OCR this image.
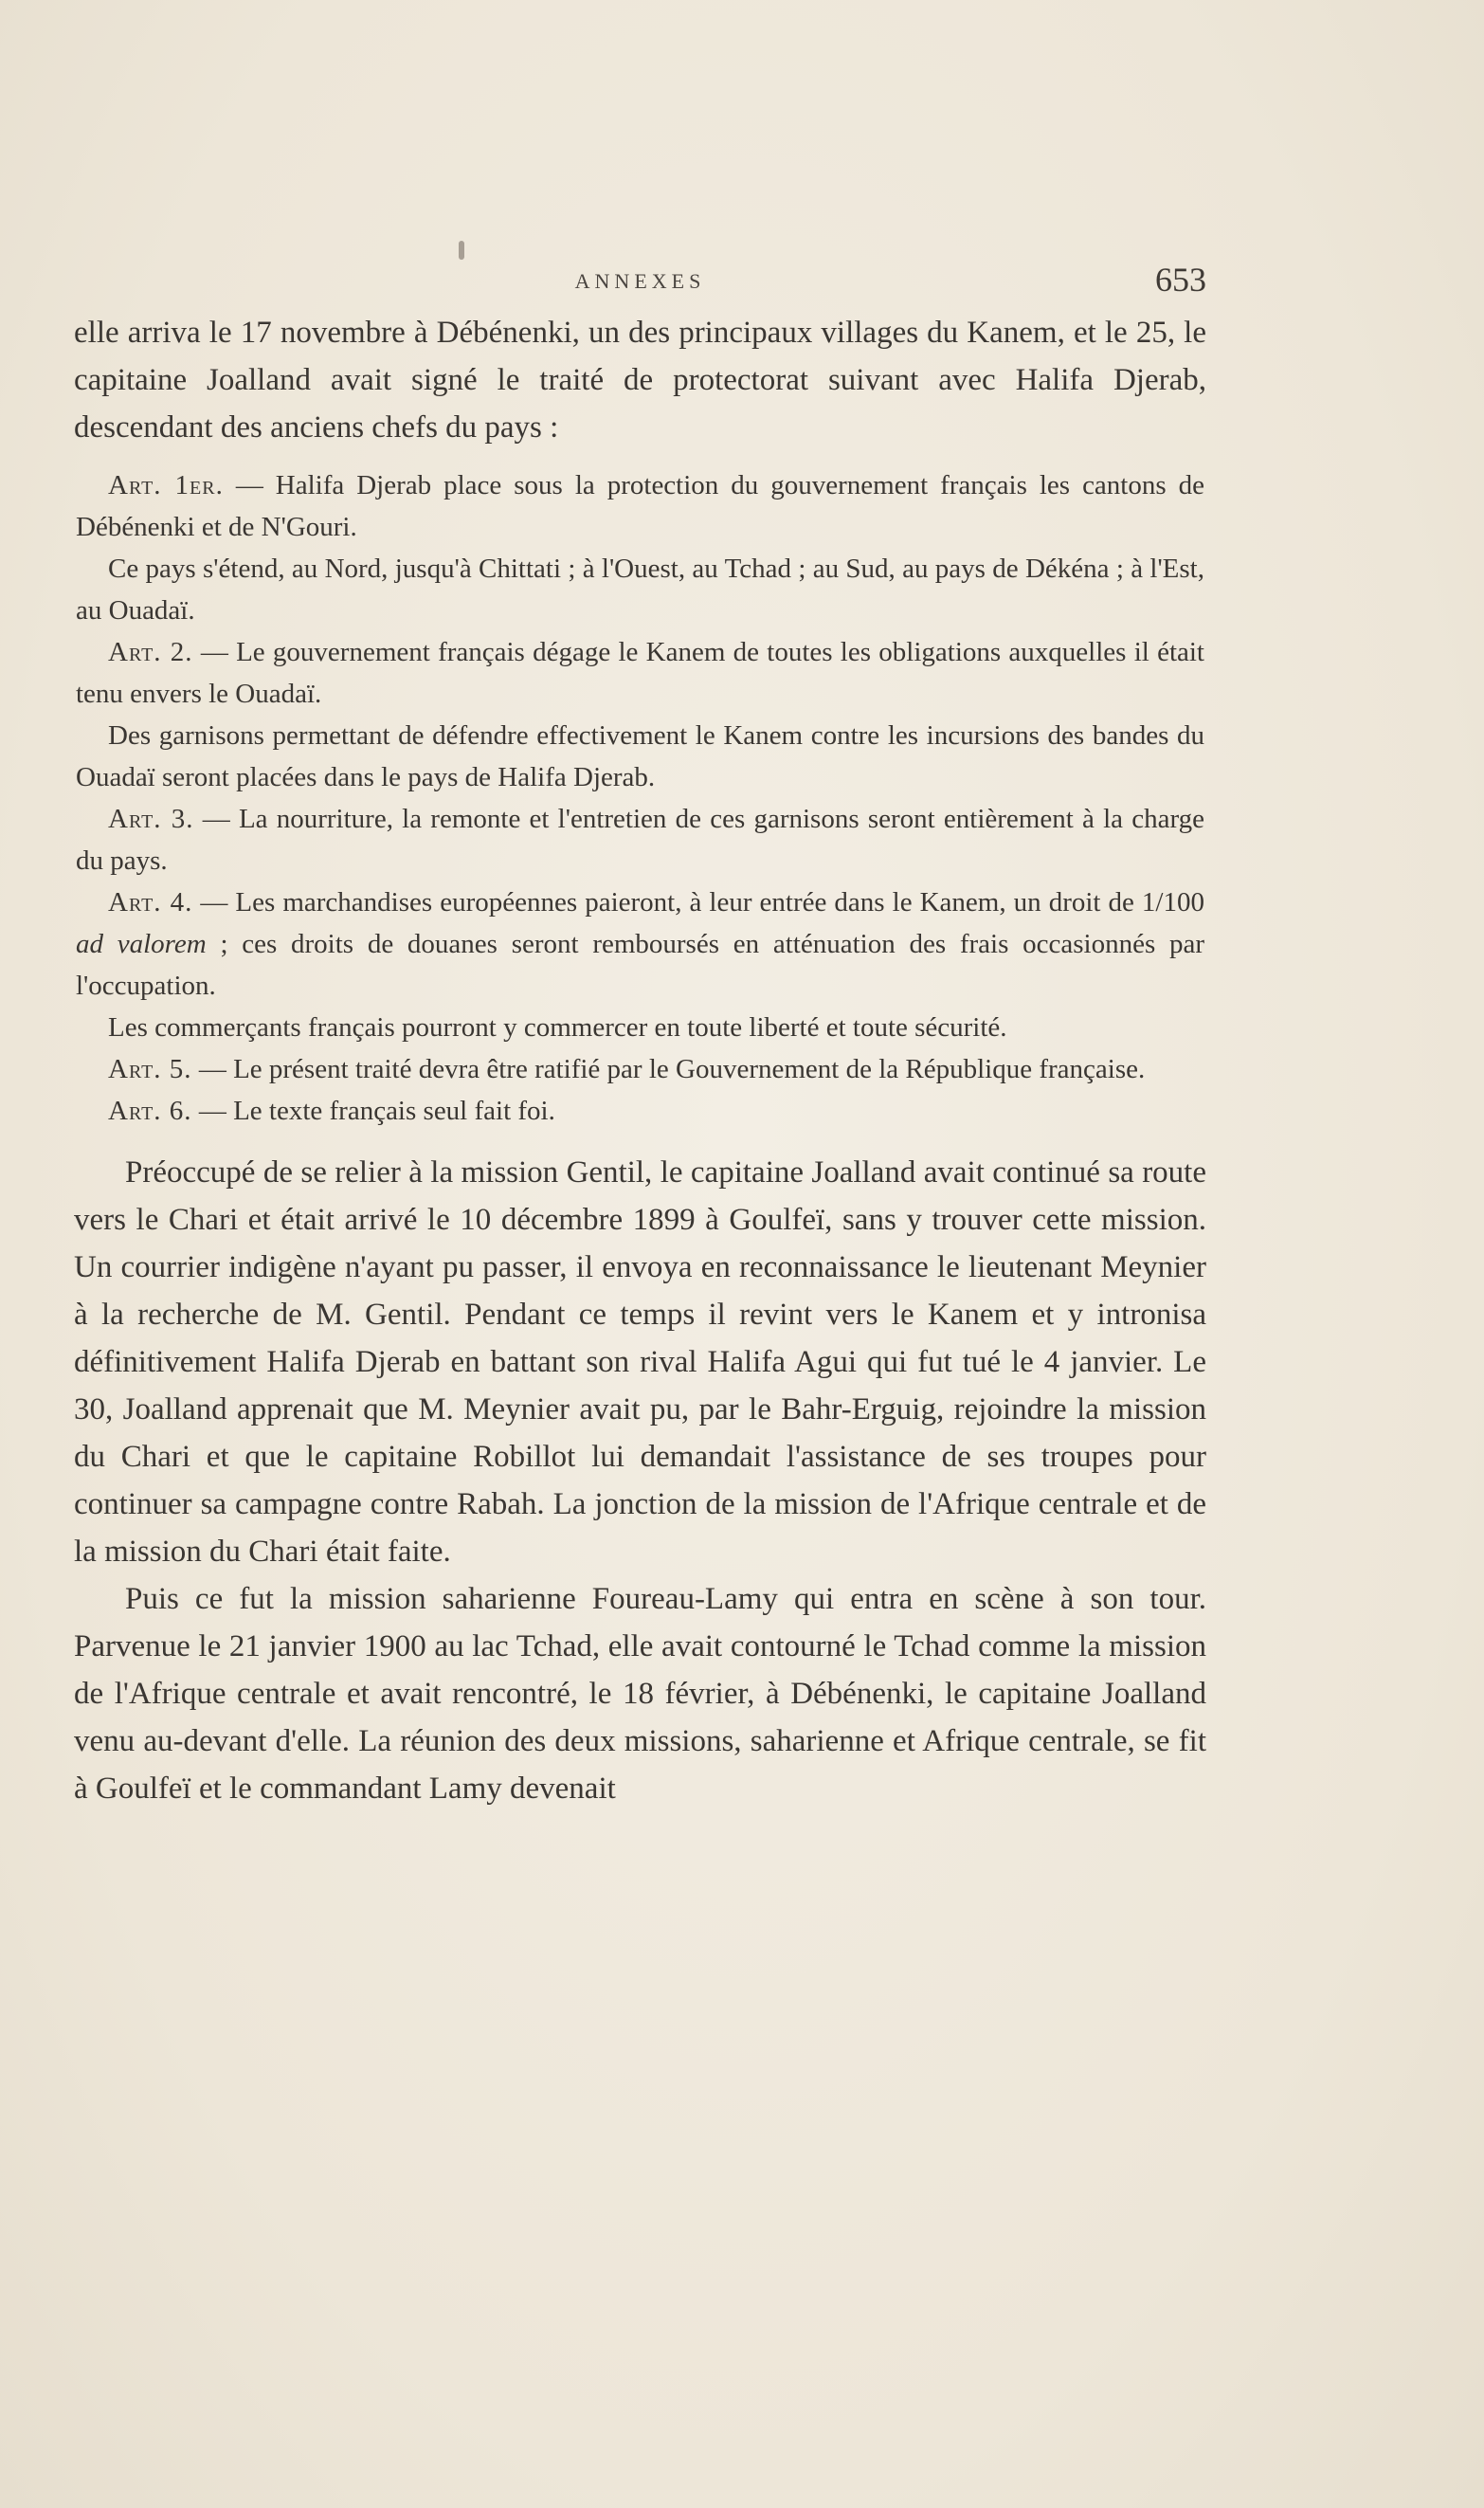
ANNEXES	653

elle arriva le 17 novembre à Débénenki, un des principaux villages du Kanem, et le 25, le capitaine Joalland avait signé le traité de protectorat suivant avec Halifa Djerab, descendant des anciens chefs du pays :

Art. 1er. — Halifa Djerab place sous la protection du gouvernement français les cantons de Débénenki et de N'Gouri.

Ce pays s'étend, au Nord, jusqu'à Chittati ; à l'Ouest, au Tchad ; au Sud, au pays de Dékéna ; à l'Est, au Ouadaï.

Art. 2. — Le gouvernement français dégage le Kanem de toutes les obligations auxquelles il était tenu envers le Ouadaï.

Des garnisons permettant de défendre effectivement le Kanem contre les incursions des bandes du Ouadaï seront placées dans le pays de Halifa Djerab.

Art. 3. — La nourriture, la remonte et l'entretien de ces garnisons seront entièrement à la charge du pays.

Art. 4. — Les marchandises européennes paieront, à leur entrée dans le Kanem, un droit de 1/100 ad valorem ; ces droits de douanes seront remboursés en atténuation des frais occasionnés par l'occupation.

Les commerçants français pourront y commercer en toute liberté et toute sécurité.

Art. 5. — Le présent traité devra être ratifié par le Gouvernement de la République française.

Art. 6. — Le texte français seul fait foi.

Préoccupé de se relier à la mission Gentil, le capitaine Joalland avait continué sa route vers le Chari et était arrivé le 10 décembre 1899 à Goulfeï, sans y trouver cette mission. Un courrier indigène n'ayant pu passer, il envoya en reconnaissance le lieutenant Meynier à la recherche de M. Gentil. Pendant ce temps il revint vers le Kanem et y intronisa définitivement Halifa Djerab en battant son rival Halifa Agui qui fut tué le 4 janvier. Le 30, Joalland apprenait que M. Meynier avait pu, par le Bahr-Erguig, rejoindre la mission du Chari et que le capitaine Robillot lui demandait l'assistance de ses troupes pour continuer sa campagne contre Rabah. La jonction de la mission de l'Afrique centrale et de la mission du Chari était faite.

Puis ce fut la mission saharienne Foureau-Lamy qui entra en scène à son tour. Parvenue le 21 janvier 1900 au lac Tchad, elle avait contourné le Tchad comme la mission de l'Afrique centrale et avait rencontré, le 18 février, à Débénenki, le capitaine Joalland venu au-devant d'elle. La réunion des deux missions, saharienne et Afrique centrale, se fit à Goulfeï et le commandant Lamy devenait
